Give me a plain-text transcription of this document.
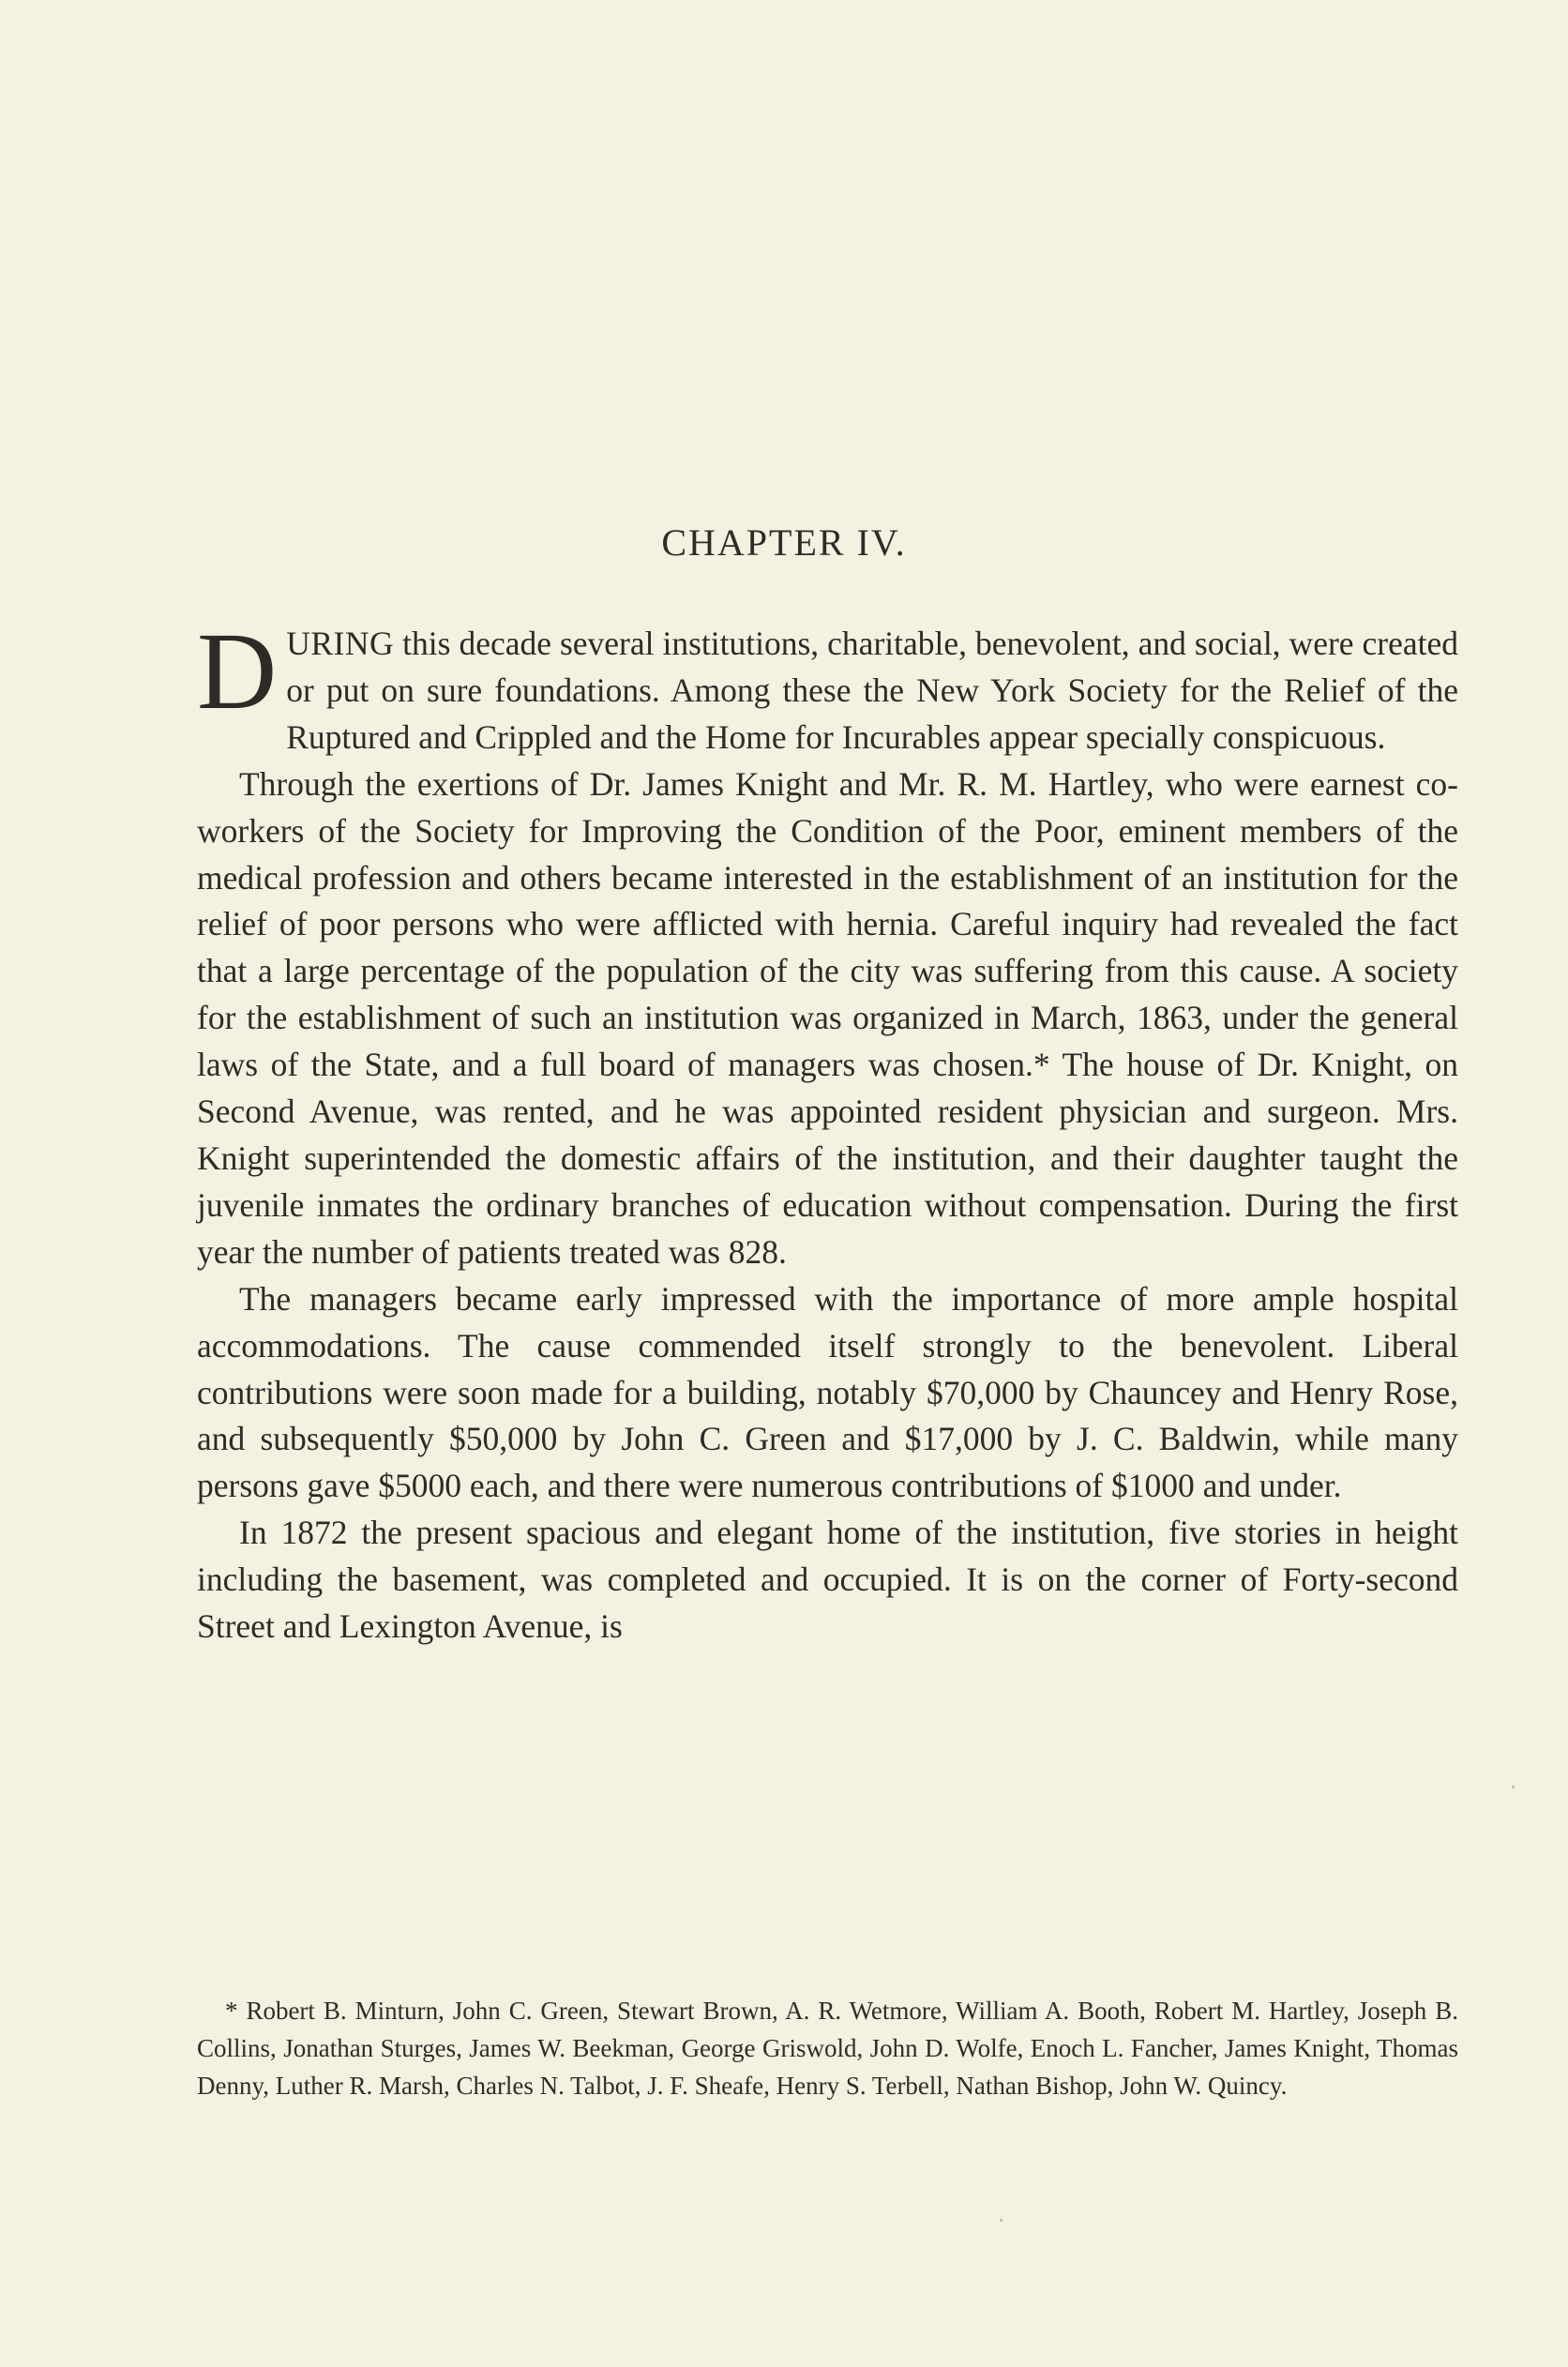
CHAPTER IV.

DURING this decade several institutions, charitable, benevolent, and social, were created or put on sure foundations. Among these the New York Society for the Relief of the Ruptured and Crippled and the Home for Incurables appear specially conspicuous.

Through the exertions of Dr. James Knight and Mr. R. M. Hartley, who were earnest co-workers of the Society for Improving the Condition of the Poor, eminent members of the medical profession and others became interested in the establishment of an institution for the relief of poor persons who were afflicted with hernia. Careful inquiry had revealed the fact that a large percentage of the population of the city was suffering from this cause. A society for the establishment of such an institution was organized in March, 1863, under the general laws of the State, and a full board of managers was chosen.* The house of Dr. Knight, on Second Avenue, was rented, and he was appointed resident physician and surgeon. Mrs. Knight superintended the domestic affairs of the institution, and their daughter taught the juvenile inmates the ordinary branches of education without compensation. During the first year the number of patients treated was 828.

The managers became early impressed with the importance of more ample hospital accommodations. The cause commended itself strongly to the benevolent. Liberal contributions were soon made for a building, notably $70,000 by Chauncey and Henry Rose, and subsequently $50,000 by John C. Green and $17,000 by J. C. Baldwin, while many persons gave $5000 each, and there were numerous contributions of $1000 and under.

In 1872 the present spacious and elegant home of the institution, five stories in height including the basement, was completed and occupied. It is on the corner of Forty-second Street and Lexington Avenue, is

* Robert B. Minturn, John C. Green, Stewart Brown, A. R. Wetmore, William A. Booth, Robert M. Hartley, Joseph B. Collins, Jonathan Sturges, James W. Beekman, George Griswold, John D. Wolfe, Enoch L. Fancher, James Knight, Thomas Denny, Luther R. Marsh, Charles N. Talbot, J. F. Sheafe, Henry S. Terbell, Nathan Bishop, John W. Quincy.
